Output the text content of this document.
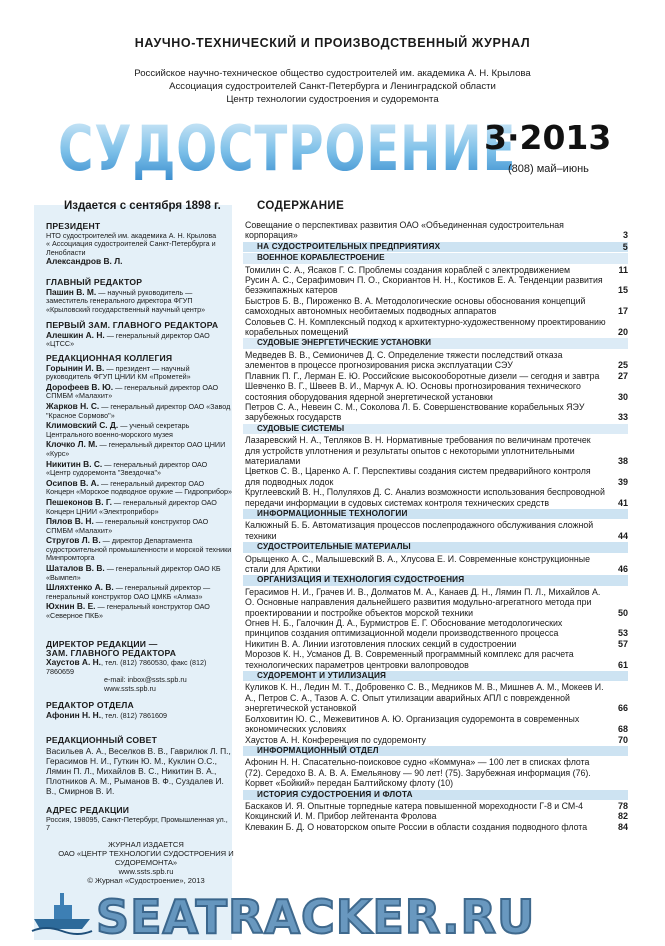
НАУЧНО-ТЕХНИЧЕСКИЙ И ПРОИЗВОДСТВЕННЫЙ ЖУРНАЛ
Российское научно-техническое общество судостроителей им. академика А. Н. Крылова
Ассоциация судостроителей Санкт-Петербурга и Ленинградской области
Центр технологии судостроения и судоремонта
СУДОСТРОЕНИЕ
3·2013
(808) май–июнь
Издается с сентября 1898 г.	СОДЕРЖАНИЕ
ПРЕЗИДЕНТ
НТО судостроителей им. академика А. Н. Крылова
« Ассоциация судостроителей Санкт-Петербурга и Ленобласти
Александров В. Л.
ГЛАВНЫЙ РЕДАКТОР
Пашин В. М. — научный руководитель — заместитель генерального директора ФГУП «Крыловский государственный научный центр»
ПЕРВЫЙ ЗАМ. ГЛАВНОГО РЕДАКТОРА
Алешкин А. Н. — генеральный директор ОАО «ЦТСС»
РЕДАКЦИОННАЯ КОЛЛЕГИЯ
Горынин И. В. — президент — научный руководитель ФГУП ЦНИИ КМ «Прометей»
Дорофеев В. Ю. — генеральный директор ОАО СПМБМ «Малахит»
Жарков Н. С. — генеральный директор ОАО «Завод "Красное Сормово"»
Климовский С. Д. — ученый секретарь Центрального военно-морского музея
Клочко Л. М. — генеральный директор ОАО ЦНИИ «Курс»
Никитин В. С. — генеральный директор ОАО «Центр судоремонта "Звездочка"»
Осипов В. А. — генеральный директор ОАО Концерн «Морское подводное оружие — Гидроприбор»
Пешеконов В. Г. — генеральный директор ОАО Концерн ЦНИИ «Электроприбор»
Пялов В. Н. — генеральный конструктор ОАО СПМБМ «Малахит»
Стругов Л. В. — директор Департамента судостроительной промышленности и морской техники Минпромторга
Шаталов В. В. — генеральный директор ОАО КБ «Вымпел»
Шляхтенко А. В. — генеральный директор — генеральный конструктор ОАО ЦМКБ «Алмаз»
Юхнин В. Е. — генеральный конструктор ОАО «Северное ПКБ»
ДИРЕКТОР РЕДАКЦИИ —
ЗАМ. ГЛАВНОГО РЕДАКТОРА
Хаустов А. Н., тел. (812) 7860530, факс (812) 7860659
e-mail: inbox@ssts.spb.ru
www.ssts.spb.ru
РЕДАКТОР ОТДЕЛА
Афонин Н. Н., тел. (812) 7861609
РЕДАКЦИОННЫЙ СОВЕТ
Васильев А. А., Веселков В. В., Гаврилюк Л. П., Герасимов Н. И., Гуткин Ю. М., Куклин О.С., Лямин П. Л., Михайлов В. С., Никитин В. А., Плотников А. М., Рыманов В. Ф., Суздалев И. В., Смирнов В. И.
АДРЕС РЕДАКЦИИ
Россия, 198095, Санкт-Петербург, Промышленная ул., 7
ЖУРНАЛ ИЗДАЕТСЯ
ОАО «ЦЕНТР ТЕХНОЛОГИИ СУДОСТРОЕНИЯ И СУДОРЕМОНТА»
www.ssts.spb.ru
© Журнал «Судостроение», 2013
Совещание о перспективах развития ОАО «Объединенная судостроительная корпорация»	3
НА СУДОСТРОИТЕЛЬНЫХ ПРЕДПРИЯТИЯХ	5
ВОЕННОЕ КОРАБЛЕСТРОЕНИЕ
Томилин С. А., Ясаков Г. С. Проблемы создания кораблей с электродвижением	11
Русин А. С., Серафимович П. О., Скориантов Н. Н., Костиков Е. А. Тенденции развития безэкипажных катеров	15
Быстров Б. В., Пироженко В. А. Методологические основы обоснования концепций самоходных автономных необитаемых подводных аппаратов	17
Соловьев С. Н. Комплексный подход к архитектурно-художественному проектированию корабельных помещений	20
СУДОВЫЕ ЭНЕРГЕТИЧЕСКИЕ УСТАНОВКИ
Медведев В. В., Семионичев Д. С. Определение тяжести последствий отказа элементов в процессе прогнозирования риска эксплуатации СЭУ	25
Плавник П. Г., Лерман Е. Ю. Российские высокооборотные дизели — сегодня и завтра 27
Шевченко В. Г., Швеев В. И., Марчук А. Ю. Основы прогнозирования технического состояния оборудования ядерной энергетической установки	30
Петров С. А., Невеин С. М., Соколова Л. Б. Совершенствование корабельных ЯЭУ зарубежных государств	33
СУДОВЫЕ СИСТЕМЫ
Лазаревский Н. А., Тепляков В. Н. Нормативные требования по величинам протечек для устройств уплотнения и результаты опытов с некоторыми уплотнительными материалами	38
Цветков С. В., Царенко А. Г. Перспективы создания систем предварийного контроля для подводных лодок	39
Круглеевский В. Н., Полуляхов Д. С. Анализ возможности использования беспроводной передачи информации в судовых системах контроля технических средств	41
ИНФОРМАЦИОННЫЕ ТЕХНОЛОГИИ
Калюжный Б. Б. Автоматизация процессов послепродажного обслуживания сложной техники	44
СУДОСТРОИТЕЛЬНЫЕ МАТЕРИАЛЫ
Орыщенко А. С., Малышевский В. А., Хлусова Е. И. Современные конструкционные стали для Арктики	46
ОРГАНИЗАЦИЯ И ТЕХНОЛОГИЯ СУДОСТРОЕНИЯ
Герасимов Н. И., Грачев И. В., Долматов М. А., Канаев Д. Н., Лямин П. Л., Михайлов А. О. Основные направления дальнейшего развития модульно-агрегатного метода при проектировании и постройке объектов морской техники	50
Огнев Н. Б., Галочкин Д. А., Бурмистров Е. Г. Обоснование методологических принципов создания оптимизационной модели производственного процесса	53
Никитин В. А. Линии изготовления плоских секций в судостроении	57
Морозов К. Н., Усманов Д. В. Современный программный комплекс для расчета технологических параметров центровки валопроводов	61
СУДОРЕМОНТ И УТИЛИЗАЦИЯ
Куликов К. Н., Ледин М. Т., Добровенко С. В., Медников М. В., Мишнев А. М., Мокеев И. А., Петров С. А., Тазов А. С. Опыт утилизации аварийных АПЛ с поврежденной энергетической установкой	66
Болховитин Ю. С., Межевитинов А. Ю. Организация судоремонта в современных экономических условиях	68
Хаустов А. Н. Конференция по судоремонту	70
ИНФОРМАЦИОННЫЙ ОТДЕЛ
Афонин Н. Н. Спасательно-поисковое судно «Коммуна» — 100 лет в списках флота (72). Середохо В. А. В. А. Емельянову — 90 лет! (75). Зарубежная информация (76). Корвет «Бойкий» передан Балтийскому флоту (10)
ИСТОРИЯ СУДОСТРОЕНИЯ И ФЛОТА
Баскаков И. Я. Опытные торпедные катера повышенной мореходности Г-8 и СМ-4	78
Кокцинский И. М. Прибор лейтенанта Фролова	82
Клевакин Б. Д. О новаторском опыте России в области создания подводного флота	84
SEATRACKER.RU
